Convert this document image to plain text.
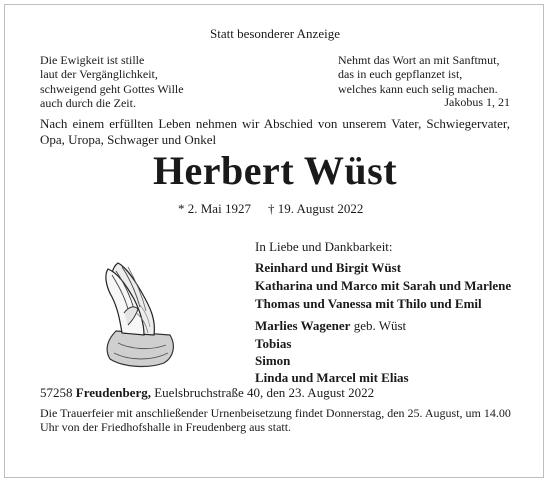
Statt besonderer Anzeige
Die Ewigkeit ist stille
laut der Vergänglichkeit,
schweigend geht Gottes Wille
auch durch die Zeit.
Nehmt das Wort an mit Sanftmut,
das in euch gepflanzet ist,
welches kann euch selig machen.
Jakobus 1, 21
Nach einem erfüllten Leben nehmen wir Abschied von unserem Vater, Schwiegervater,
Opa, Uropa, Schwager und Onkel
Herbert Wüst
* 2. Mai 1927 † 19. August 2022
In Liebe und Dankbarkeit:
Reinhard und Birgit Wüst
Katharina und Marco mit Sarah und Marlene
Thomas und Vanessa mit Thilo und Emil
Marlies Wagener geb. Wüst
Tobias
Simon
Linda und Marcel mit Elias
57258 Freudenberg, Euelsbruchstraße 40, den 23. August 2022
Die Trauerfeier mit anschließender Urnenbeisetzung findet Donnerstag, den 25. August, um 14.00 Uhr von der Friedhofshalle in Freudenberg aus statt.
